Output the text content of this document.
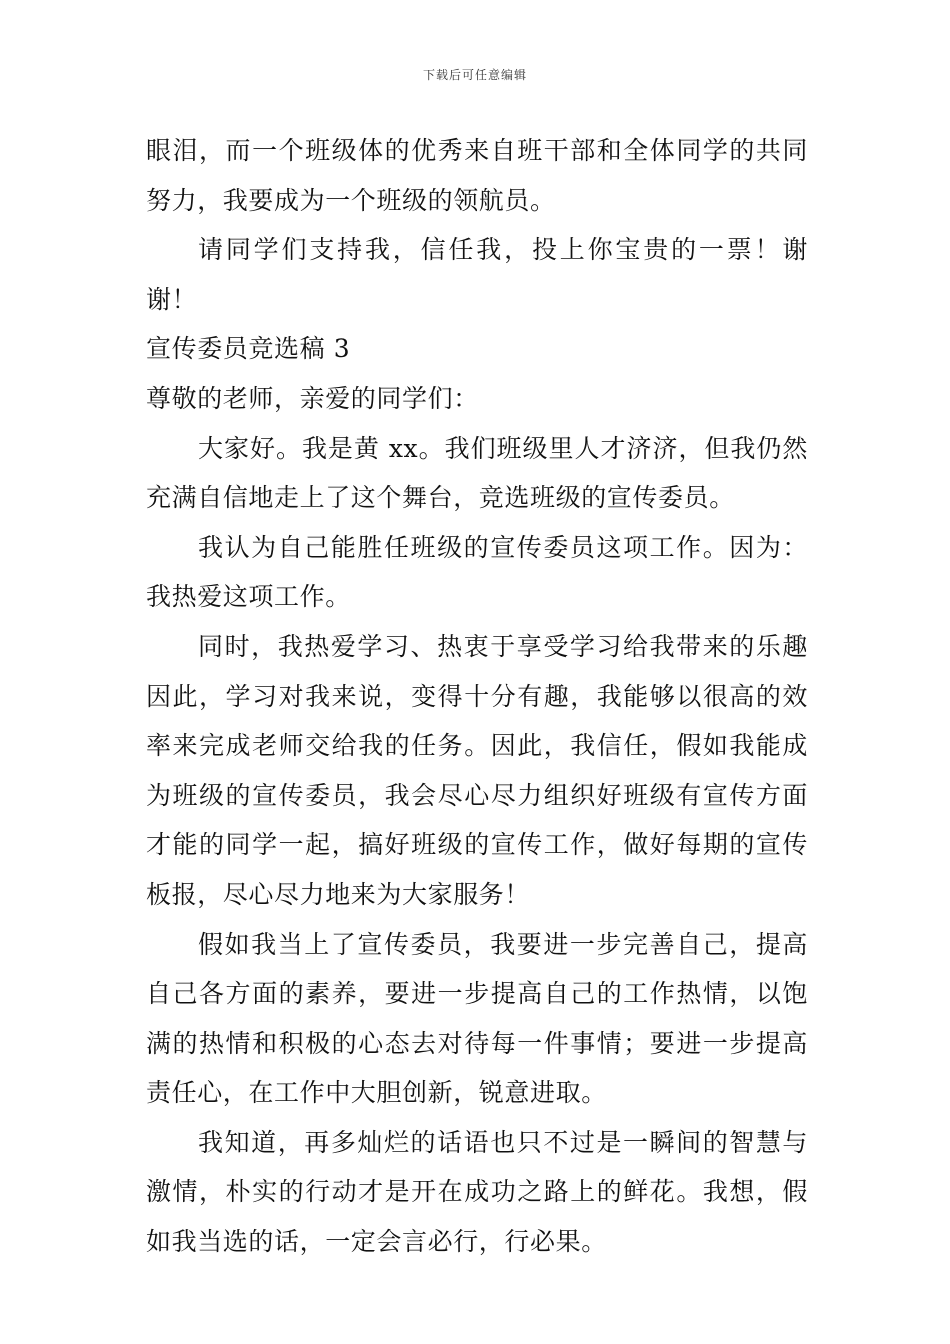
下载后可任意编辑

眼泪，而一个班级体的优秀来自班干部和全体同学的共同努力，我要成为一个班级的领航员。

请同学们支持我，信任我，投上你宝贵的一票！谢谢！

宣传委员竞选稿 3

尊敬的老师，亲爱的同学们：

大家好。我是黄 xx。我们班级里人才济济，但我仍然充满自信地走上了这个舞台，竞选班级的宣传委员。

我认为自己能胜任班级的宣传委员这项工作。因为：我热爱这项工作。

同时，我热爱学习、热衷于享受学习给我带来的乐趣因此，学习对我来说，变得十分有趣，我能够以很高的效率来完成老师交给我的任务。因此，我信任，假如我能成为班级的宣传委员，我会尽心尽力组织好班级有宣传方面才能的同学一起，搞好班级的宣传工作，做好每期的宣传板报，尽心尽力地来为大家服务！

假如我当上了宣传委员，我要进一步完善自己，提高自己各方面的素养，要进一步提高自己的工作热情，以饱满的热情和积极的心态去对待每一件事情；要进一步提高责任心，在工作中大胆创新，锐意进取。

我知道，再多灿烂的话语也只不过是一瞬间的智慧与激情，朴实的行动才是开在成功之路上的鲜花。我想，假如我当选的话，一定会言必行，行必果。
